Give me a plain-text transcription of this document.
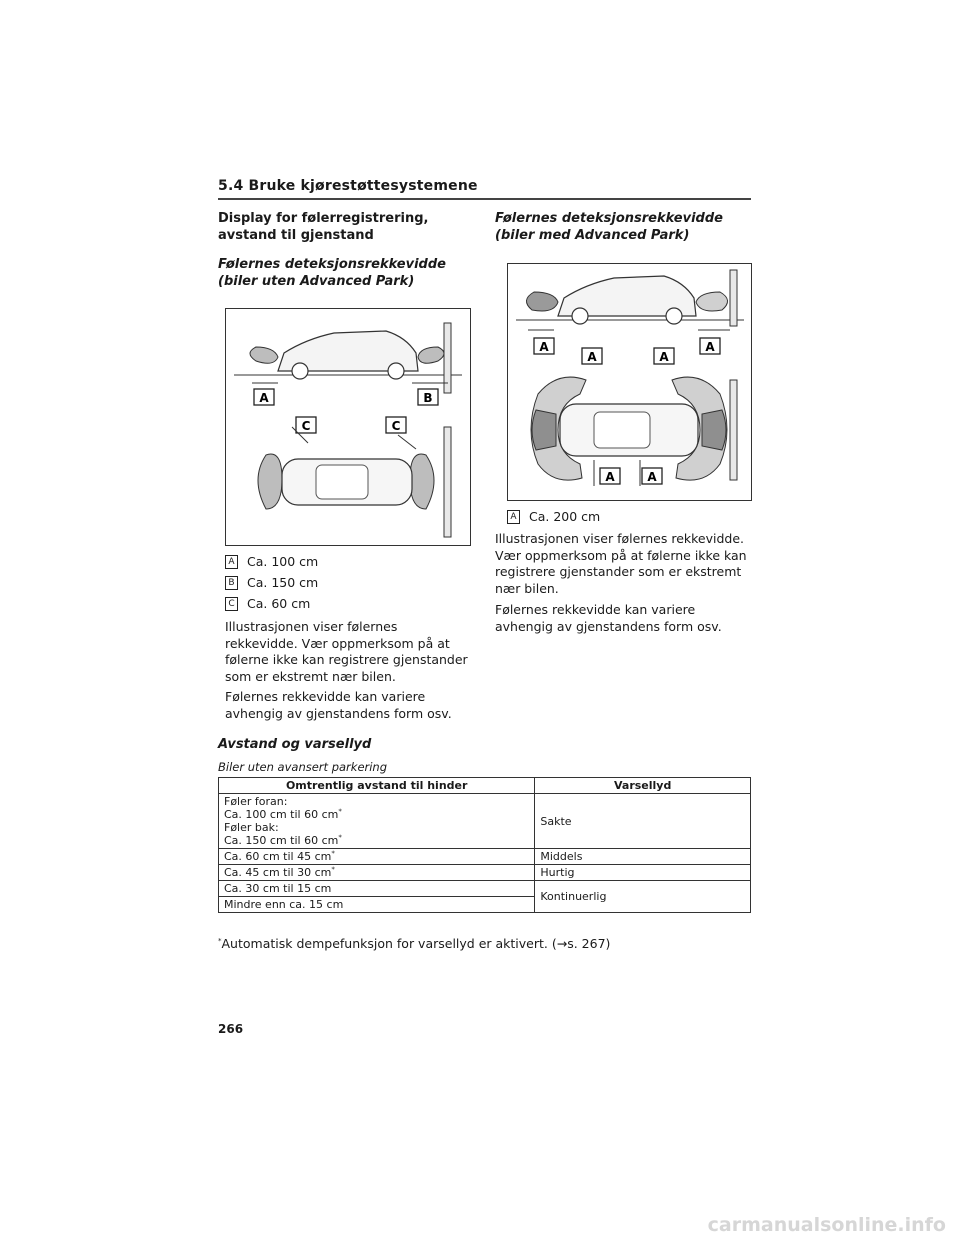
5.4 Bruke kjørestøttesystemene
Display for følerregistrering, avstand til gjenstand
Følernes deteksjonsrekkevidde (biler uten Advanced Park)
A	B
C	C
A Ca. 100 cm
B Ca. 150 cm
C Ca. 60 cm
Illustrasjonen viser følernes rekkevidde. Vær oppmerksom på at følerne ikke kan registrere gjenstander som er ekstremt nær bilen.
Følernes rekkevidde kan variere avhengig av gjenstandens form osv.
Følernes deteksjonsrekkevidde (biler med Advanced Park)
A
A	A
A
A	A
A Ca. 200 cm
Illustrasjonen viser følernes rekkevidde. Vær oppmerksom på at følerne ikke kan registrere gjenstander som er ekstremt nær bilen.
Følernes rekkevidde kan variere avhengig av gjenstandens form osv.
Avstand og varsellyd
Biler uten avansert parkering
Omtrentlig avstand til hinder	Varsellyd

Føler foran:
Ca. 100 cm til 60 cm*
Føler bak:
Ca. 150 cm til 60 cm*	Sakte
Ca. 60 cm til 45 cm*	Middels
Ca. 45 cm til 30 cm*	Hurtig
Ca. 30 cm til 15 cm	Kontinuerlig
Mindre enn ca. 15 cm	
*Automatisk dempefunksjon for varsellyd er aktivert. (→s. 267)
266
carmanualsonline.info
